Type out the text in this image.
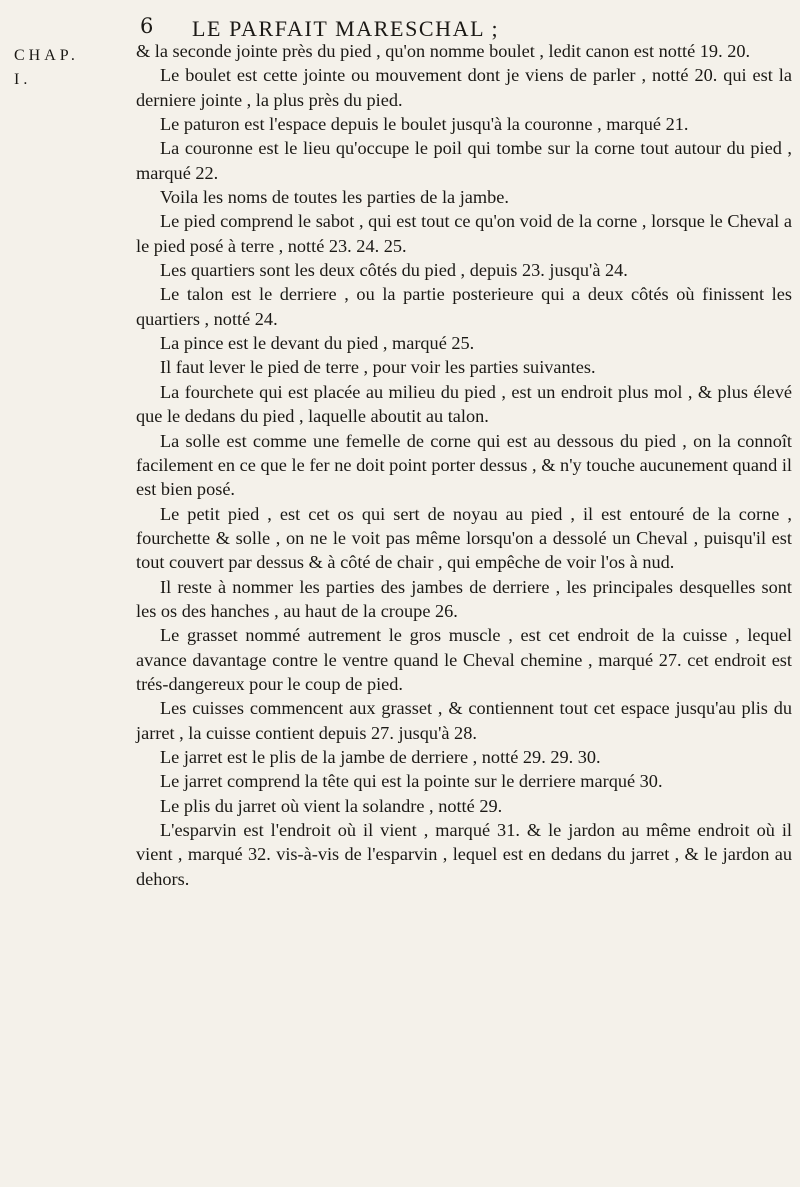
6 LE PARFAIT MARESCHAL ;
CHAP.
I.

& la seconde jointe près du pied , qu'on nomme boulet , ledit canon est notté 19. 20.

Le boulet est cette jointe ou mouvement dont je viens de parler , notté 20. qui est la derniere jointe , la plus près du pied.

Le paturon est l'espace depuis le boulet jusqu'à la couronne , marqué 21.

La couronne est le lieu qu'occupe le poil qui tombe sur la corne tout autour du pied , marqué 22.

Voila les noms de toutes les parties de la jambe.

Le pied comprend le sabot , qui est tout ce qu'on void de la corne , lorsque le Cheval a le pied posé à terre , notté 23. 24. 25.

Les quartiers sont les deux côtés du pied , depuis 23. jusqu'à 24.

Le talon est le derriere , ou la partie posterieure qui a deux côtés où finissent les quartiers , notté 24.

La pince est le devant du pied , marqué 25.

Il faut lever le pied de terre , pour voir les parties suivantes.

La fourchete qui est placée au milieu du pied , est un endroit plus mol , & plus élevé que le dedans du pied , laquelle aboutit au talon.

La solle est comme une femelle de corne qui est au dessous du pied , on la connoît facilement en ce que le fer ne doit point porter dessus , & n'y touche aucunement quand il est bien posé.

Le petit pied , est cet os qui sert de noyau au pied , il est entouré de la corne , fourchette & solle , on ne le voit pas même lorsqu'on a dessolé un Cheval , puisqu'il est tout couvert par dessus & à côté de chair , qui empêche de voir l'os à nud.

Il reste à nommer les parties des jambes de derriere , les principales desquelles sont les os des hanches , au haut de la croupe 26.

Le grasset nommé autrement le gros muscle , est cet endroit de la cuisse , lequel avance davantage contre le ventre quand le Cheval chemine , marqué 27. cet endroit est trés-dangereux pour le coup de pied.

Les cuisses commencent aux grasset , & contiennent tout cet espace jusqu'au plis du jarret , la cuisse contient depuis 27. jusqu'à 28.

Le jarret est le plis de la jambe de derriere , notté 29. 29. 30.

Le jarret comprend la tête qui est la pointe sur le derriere marqué 30.

Le plis du jarret où vient la solandre , notté 29.

L'esparvin est l'endroit où il vient , marqué 31. & le jardon au même endroit où il vient , marqué 32. vis-à-vis de l'esparvin , lequel est en dedans du jarret , & le jardon au dehors.
